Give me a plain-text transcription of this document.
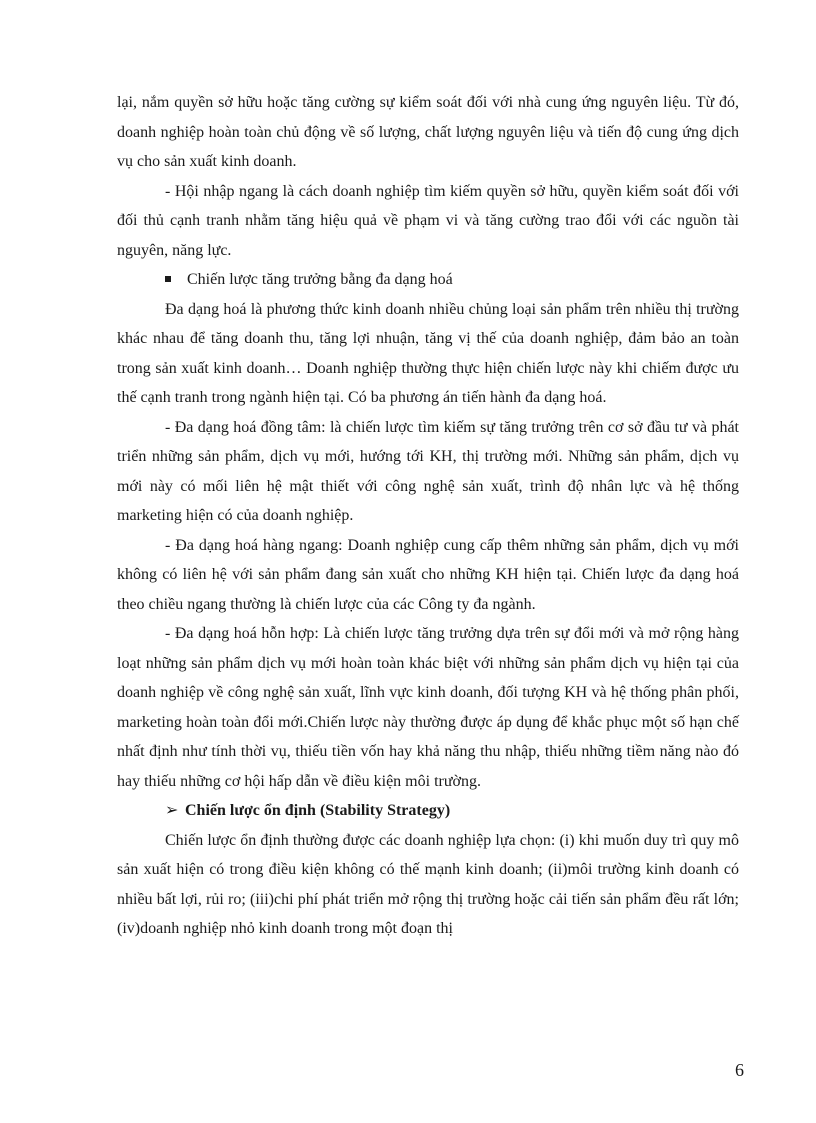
lại, nắm quyền sở hữu hoặc tăng cường sự kiểm soát đối với nhà cung ứng nguyên liệu. Từ đó, doanh nghiệp hoàn toàn chủ động về số lượng, chất lượng nguyên liệu và tiến độ cung ứng dịch vụ cho sản xuất kinh doanh.

- Hội nhập ngang là cách doanh nghiệp tìm kiếm quyền sở hữu, quyền kiểm soát đối với đối thủ cạnh tranh nhằm tăng hiệu quả về phạm vi và tăng cường trao đổi với các nguồn tài nguyên, năng lực.

Chiến lược tăng trưởng bằng đa dạng hoá

Đa dạng hoá là phương thức kinh doanh nhiều chủng loại sản phẩm trên nhiều thị trường khác nhau để tăng doanh thu, tăng lợi nhuận, tăng vị thế của doanh nghiệp, đảm bảo an toàn trong sản xuất kinh doanh… Doanh nghiệp thường thực hiện chiến lược này khi chiếm được ưu thế cạnh tranh trong ngành hiện tại. Có ba phương án tiến hành đa dạng hoá.

- Đa dạng hoá đồng tâm: là chiến lược tìm kiếm sự tăng trưởng trên cơ sở đầu tư và phát triển những sản phẩm, dịch vụ mới, hướng tới KH, thị trường mới. Những sản phẩm, dịch vụ mới này có mối liên hệ mật thiết với công nghệ sản xuất, trình độ nhân lực và hệ thống marketing hiện có của doanh nghiệp.

- Đa dạng hoá hàng ngang: Doanh nghiệp cung cấp thêm những sản phẩm, dịch vụ mới không có liên hệ với sản phẩm đang sản xuất cho những KH hiện tại. Chiến lược đa dạng hoá theo chiều ngang thường là chiến lược của các Công ty đa ngành.

- Đa dạng hoá hỗn hợp: Là chiến lược tăng trưởng dựa trên sự đổi mới và mở rộng hàng loạt những sản phẩm dịch vụ mới hoàn toàn khác biệt với những sản phẩm dịch vụ hiện tại của doanh nghiệp về công nghệ sản xuất, lĩnh vực kinh doanh, đối tượng KH và hệ thống phân phối, marketing hoàn toàn đổi mới.Chiến lược này thường được áp dụng để khắc phục một số hạn chế nhất định như tính thời vụ, thiếu tiền vốn hay khả năng thu nhập, thiếu những tiềm năng nào đó hay thiếu những cơ hội hấp dẫn về điều kiện môi trường.

➢ Chiến lược ổn định (Stability Strategy)

Chiến lược ổn định thường được các doanh nghiệp lựa chọn: (i) khi muốn duy trì quy mô sản xuất hiện có trong điều kiện không có thế mạnh kinh doanh; (ii)môi trường kinh doanh có nhiều bất lợi, rủi ro; (iii)chi phí phát triển mở rộng thị trường hoặc cải tiến sản phẩm đều rất lớn; (iv)doanh nghiệp nhỏ kinh doanh trong một đoạn thị

6
